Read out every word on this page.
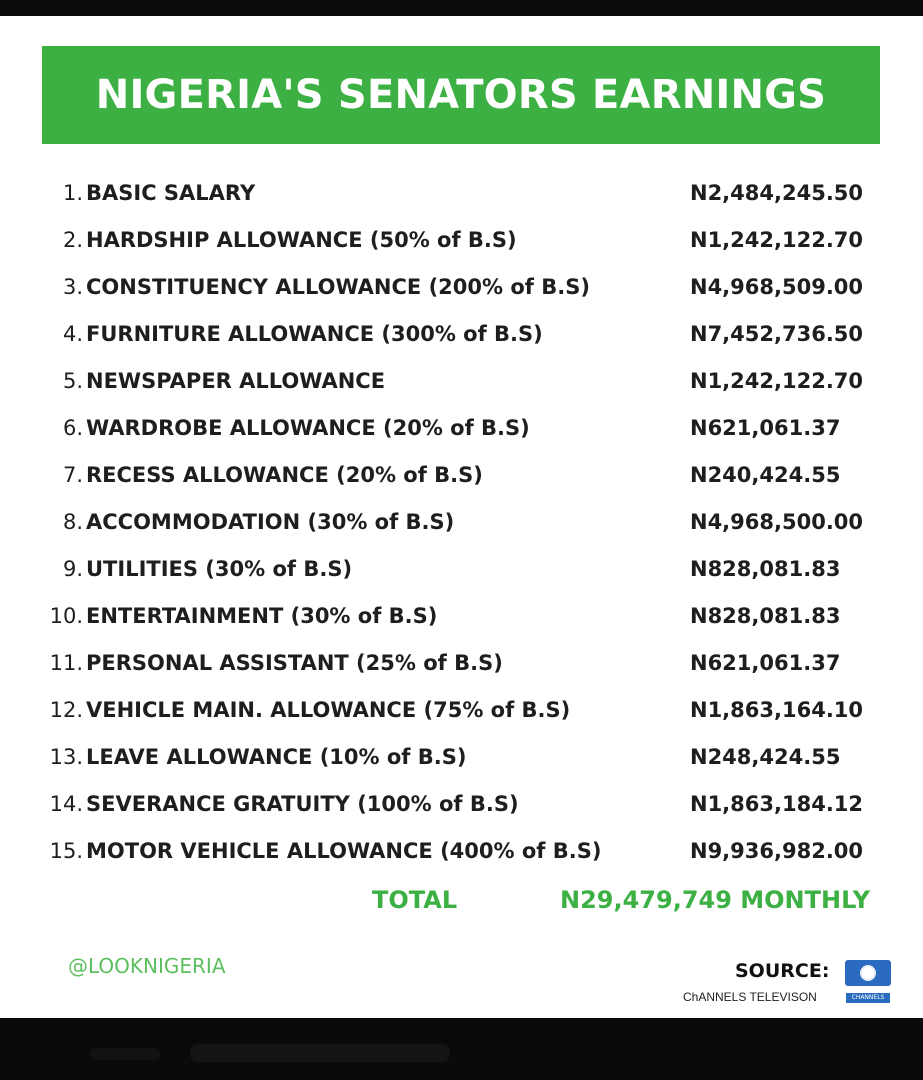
NIGERIA'S SENATORS EARNINGS
1. BASIC SALARY	N2,484,245.50
2. HARDSHIP ALLOWANCE (50% of B.S)	N1,242,122.70
3. CONSTITUENCY ALLOWANCE (200% of B.S)	N4,968,509.00
4. FURNITURE ALLOWANCE (300% of B.S)	N7,452,736.50
5. NEWSPAPER ALLOWANCE	N1,242,122.70
6. WARDROBE ALLOWANCE (20% of B.S)	N621,061.37
7. RECESS ALLOWANCE (20% of B.S)	N240,424.55
8. ACCOMMODATION (30% of B.S)	N4,968,500.00
9. UTILITIES (30% of B.S)	N828,081.83
10. ENTERTAINMENT (30% of B.S)	N828,081.83
11. PERSONAL ASSISTANT (25% of B.S)	N621,061.37
12. VEHICLE MAIN. ALLOWANCE (75% of B.S)	N1,863,164.10
13. LEAVE ALLOWANCE (10% of B.S)	N248,424.55
14. SEVERANCE GRATUITY (100% of B.S)	N1,863,184.12
15. MOTOR VEHICLE ALLOWANCE (400% of B.S)	N9,936,982.00
TOTAL	N29,479,749 MONTHLY
@LOOKNIGERIA	SOURCE:
ChANNELS TELEVISON	CHANNELS
